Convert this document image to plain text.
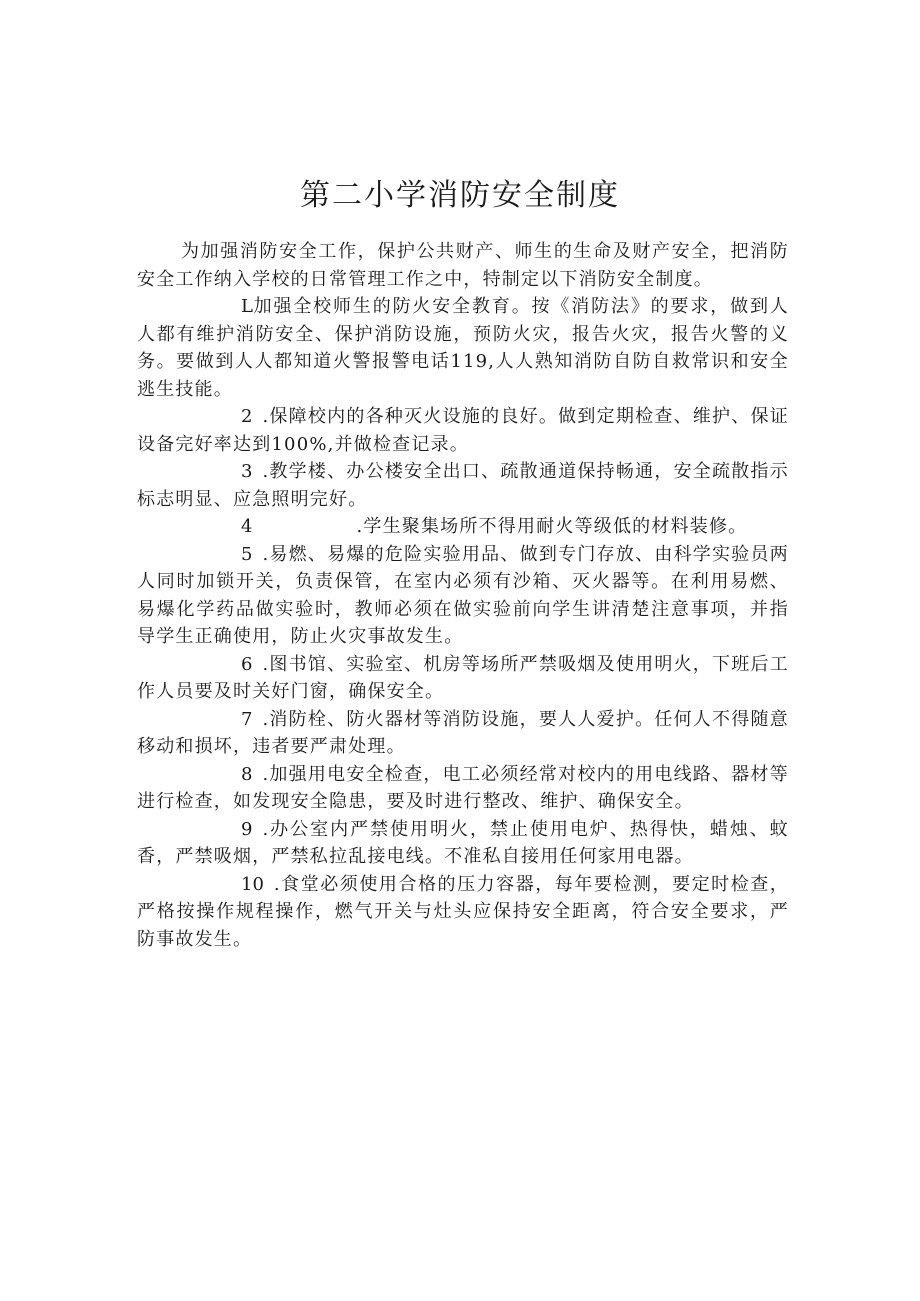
第二小学消防安全制度

为加强消防安全工作，保护公共财产、师生的生命及财产安全，把消防安全工作纳入学校的日常管理工作之中，特制定以下消防安全制度。

L加强全校师生的防火安全教育。按《消防法》的要求，做到人人都有维护消防安全、保护消防设施，预防火灾，报告火灾，报告火警的义务。要做到人人都知道火警报警电话119,人人熟知消防自防自救常识和安全逃生技能。

2 .保障校内的各种灭火设施的良好。做到定期检查、维护、保证设备完好率达到100%,并做检查记录。

3 .教学楼、办公楼安全出口、疏散通道保持畅通，安全疏散指示标志明显、应急照明完好。

4	.学生聚集场所不得用耐火等级低的材料装修。

5 .易燃、易爆的危险实验用品、做到专门存放、由科学实验员两人同时加锁开关，负责保管，在室内必须有沙箱、灭火器等。在利用易燃、易爆化学药品做实验时，教师必须在做实验前向学生讲清楚注意事项，并指导学生正确使用，防止火灾事故发生。

6 .图书馆、实验室、机房等场所严禁吸烟及使用明火，下班后工作人员要及时关好门窗，确保安全。

7 .消防栓、防火器材等消防设施，要人人爱护。任何人不得随意移动和损坏，违者要严肃处理。

8 .加强用电安全检查，电工必须经常对校内的用电线路、器材等进行检查，如发现安全隐患，要及时进行整改、维护、确保安全。

9 .办公室内严禁使用明火，禁止使用电炉、热得快，蜡烛、蚊香，严禁吸烟，严禁私拉乱接电线。不准私自接用任何家用电器。

10 .食堂必须使用合格的压力容器，每年要检测，要定时检查，严格按操作规程操作，燃气开关与灶头应保持安全距离，符合安全要求，严防事故发生。
